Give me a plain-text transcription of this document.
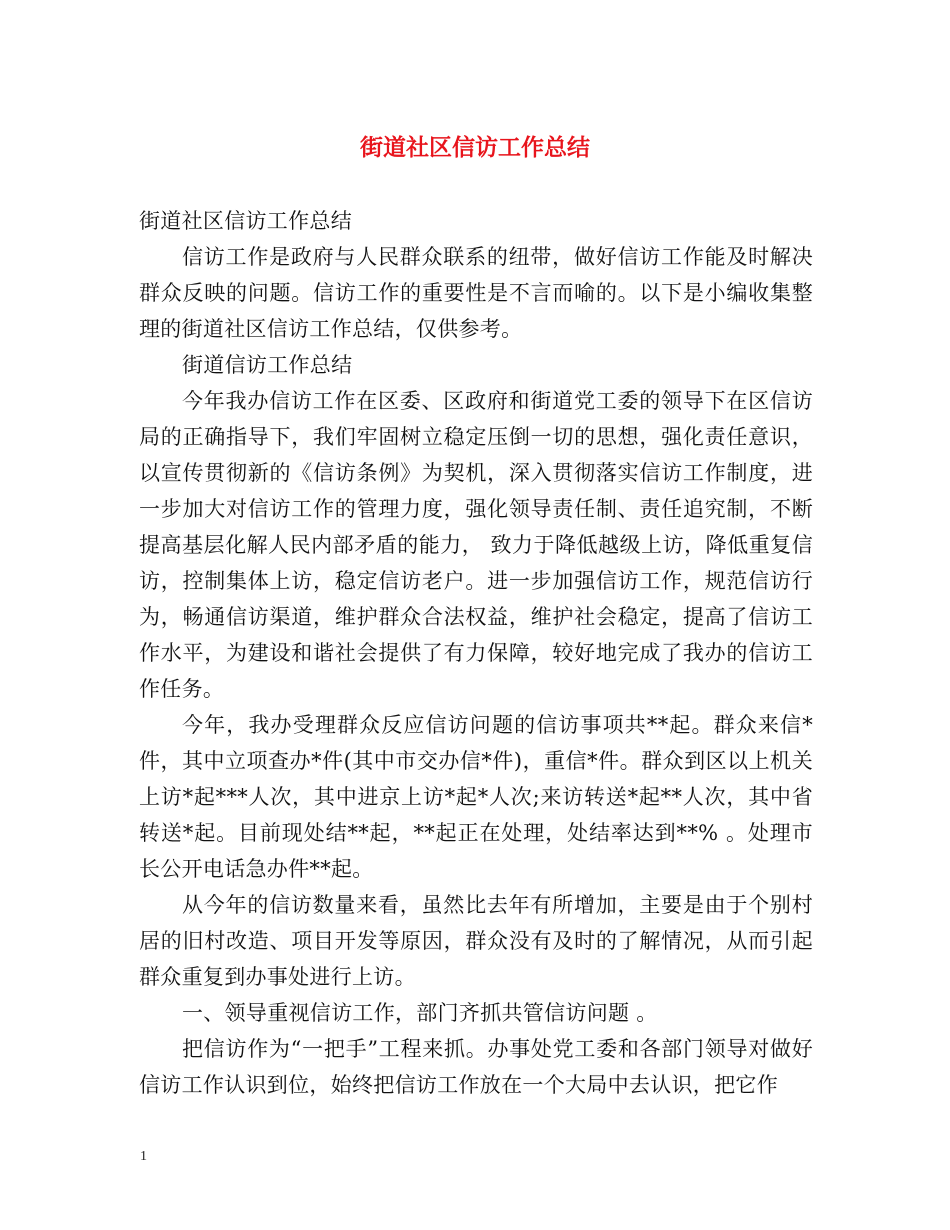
街道社区信访工作总结

街道社区信访工作总结

信访工作是政府与人民群众联系的纽带，做好信访工作能及时解决群众反映的问题。信访工作的重要性是不言而喻的。以下是小编收集整理的街道社区信访工作总结，仅供参考。

街道信访工作总结

今年我办信访工作在区委、区政府和街道党工委的领导下在区信访局的正确指导下，我们牢固树立稳定压倒一切的思想，强化责任意识，以宣传贯彻新的《信访条例》为契机，深入贯彻落实信访工作制度，进一步加大对信访工作的管理力度，强化领导责任制、责任追究制，不断提高基层化解人民内部矛盾的能力， 致力于降低越级上访，降低重复信访，控制集体上访，稳定信访老户。进一步加强信访工作，规范信访行为，畅通信访渠道，维护群众合法权益，维护社会稳定，提高了信访工作水平，为建设和谐社会提供了有力保障，较好地完成了我办的信访工作任务。

今年，我办受理群众反应信访问题的信访事项共**起。群众来信*件，其中立项查办*件(其中市交办信*件)，重信*件。群众到区以上机关上访*起***人次，其中进京上访*起*人次;来访转送*起**人次，其中省转送*起。目前现处结**起，**起正在处理，处结率达到**% 。处理市长公开电话急办件**起。

从今年的信访数量来看，虽然比去年有所增加，主要是由于个别村居的旧村改造、项目开发等原因，群众没有及时的了解情况，从而引起群众重复到办事处进行上访。

一、领导重视信访工作，部门齐抓共管信访问题 。

把信访作为“一把手”工程来抓。办事处党工委和各部门领导对做好信访工作认识到位，始终把信访工作放在一个大局中去认识，把它作

1
